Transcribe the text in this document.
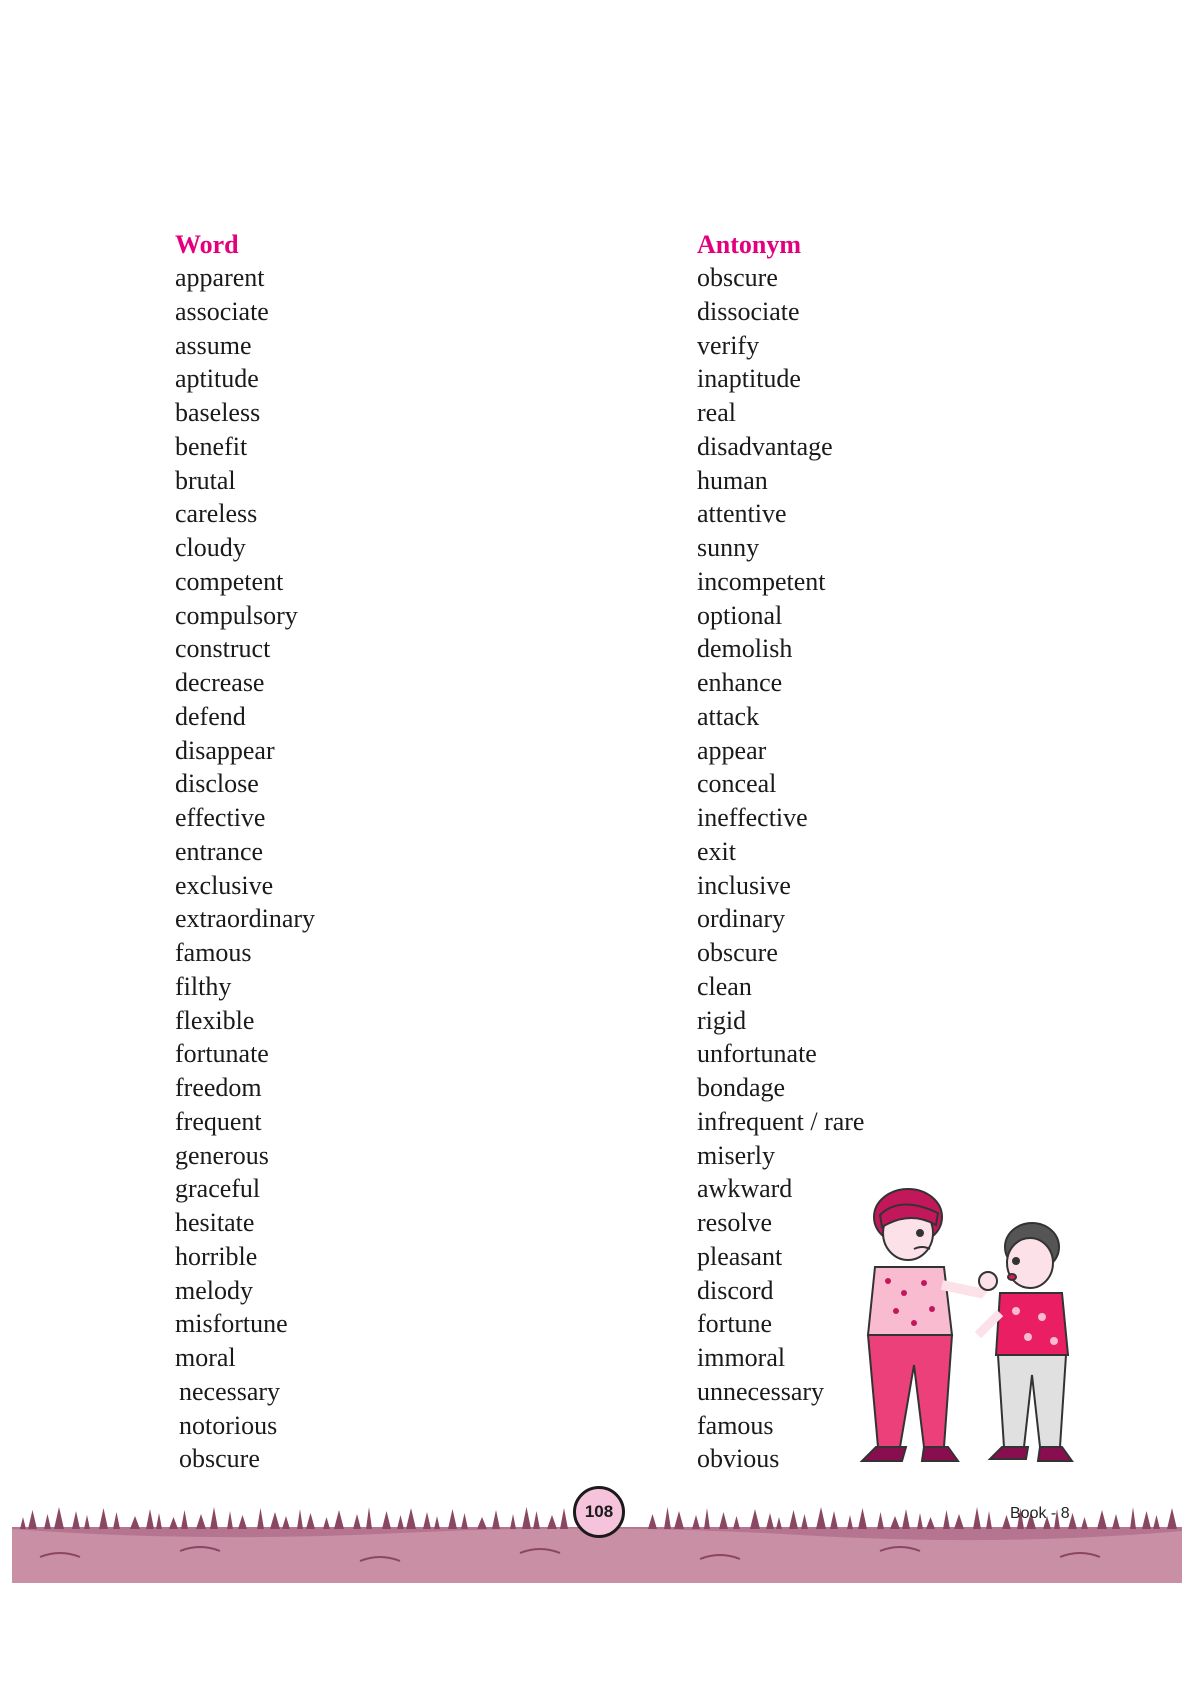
Word
apparent
associate
assume
aptitude
baseless
benefit
brutal
careless
cloudy
competent
compulsory
construct
decrease
defend
disappear
disclose
effective
entrance
exclusive
extraordinary
famous
filthy
flexible
fortunate
freedom
frequent
generous
graceful
hesitate
horrible
melody
misfortune
moral
necessary
notorious
obscure
Antonym
obscure
dissociate
verify
inaptitude
real
disadvantage
human
attentive
sunny
incompetent
optional
demolish
enhance
attack
appear
conceal
ineffective
exit
inclusive
ordinary
obscure
clean
rigid
unfortunate
bondage
infrequent / rare
miserly
awkward
resolve
pleasant
discord
fortune
immoral
unnecessary
famous
obvious
108	Book - 8
